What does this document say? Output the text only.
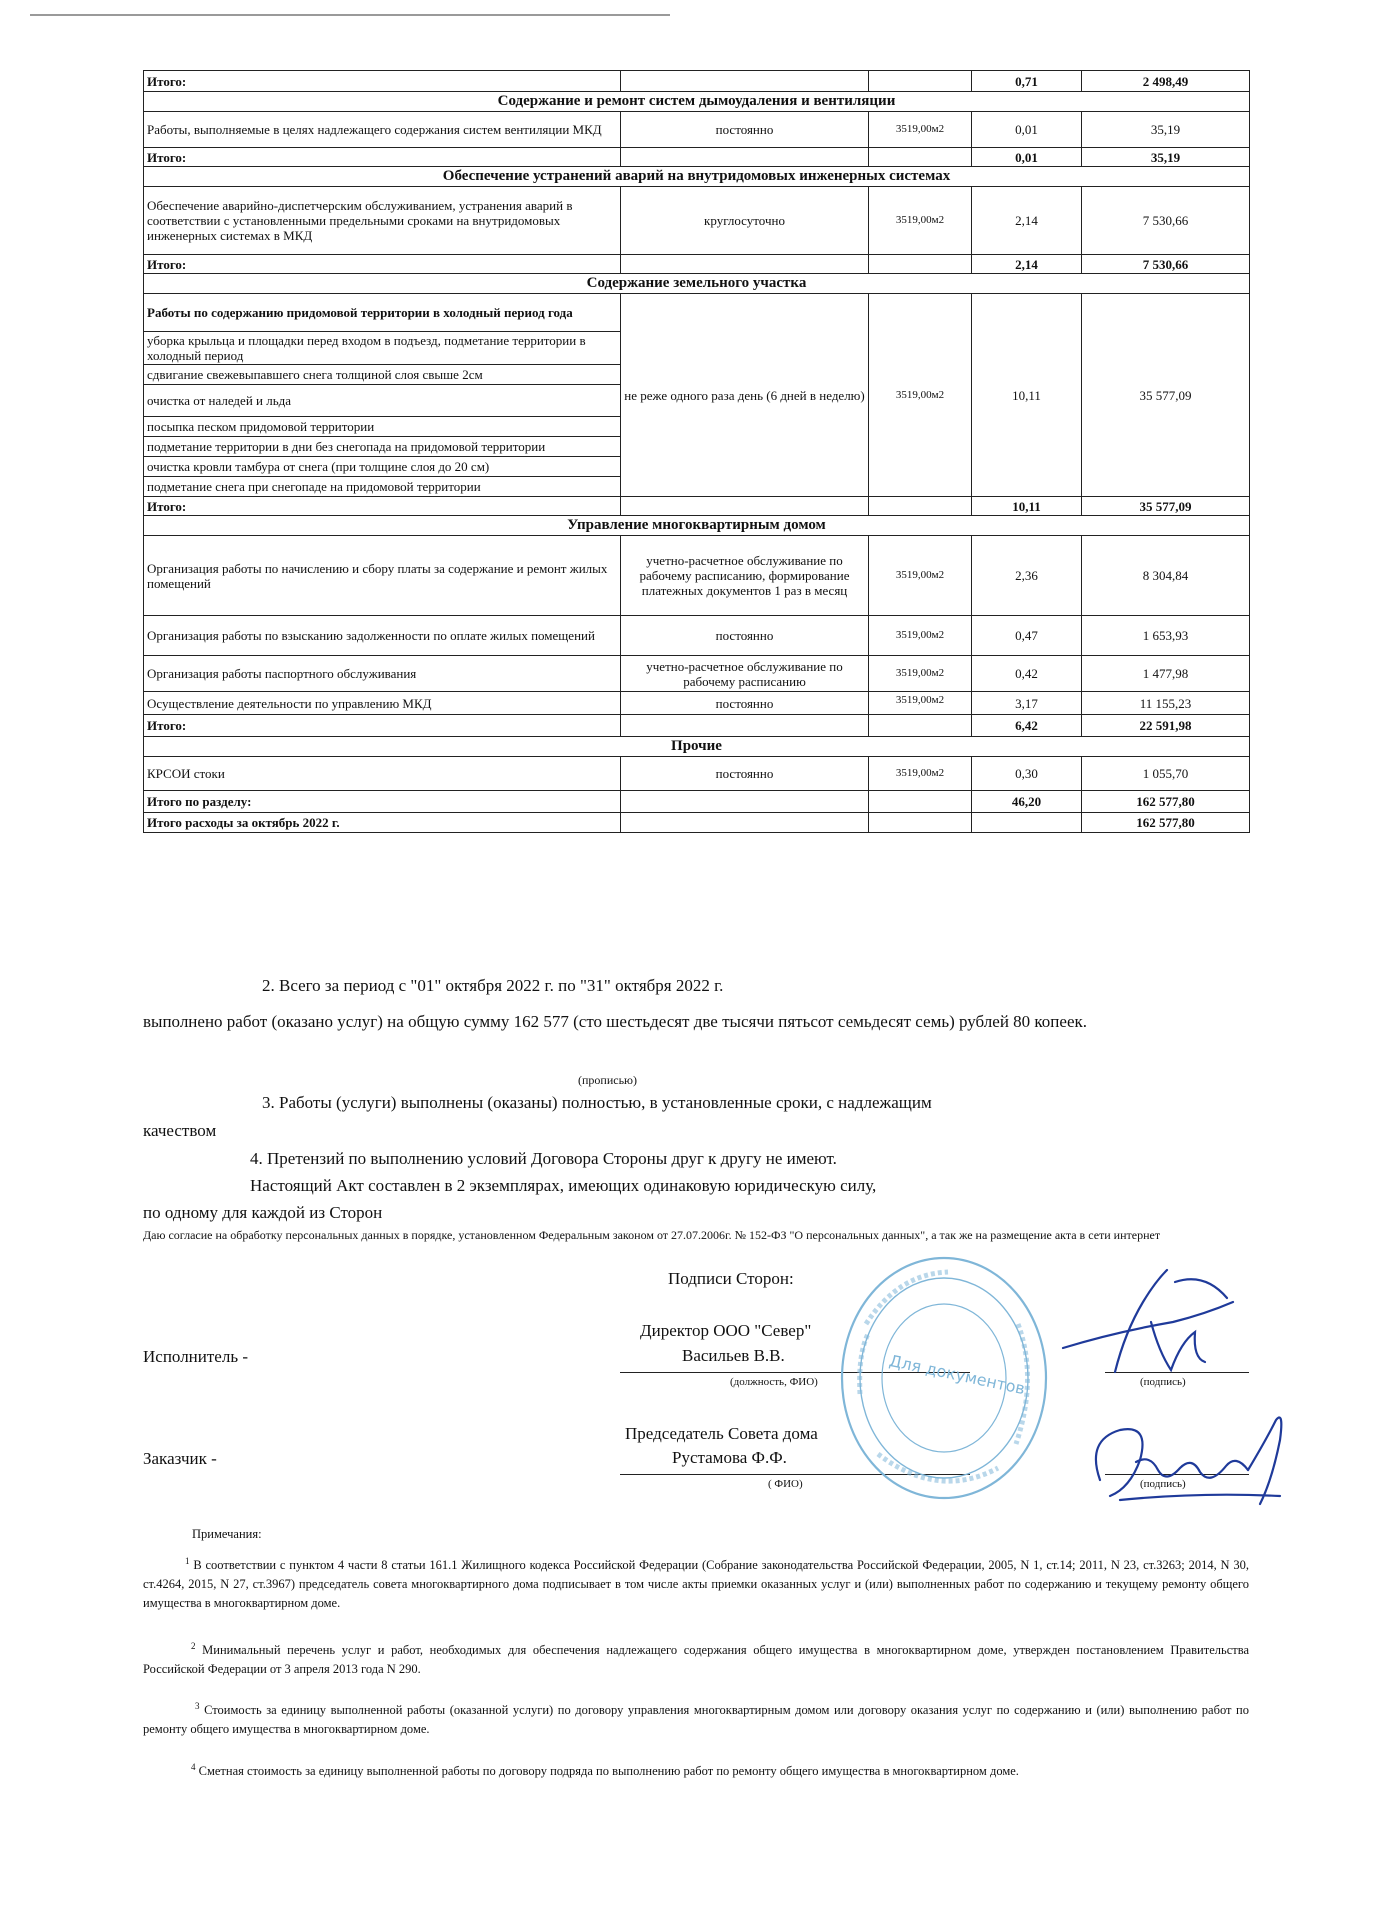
Итого:			0,71	2 498,49
Содержание и ремонт систем дымоудаления и вентиляции				
Работы, выполняемые в целях надлежащего содержания систем вентиляции МКД	постоянно	3519,00м2	0,01	35,19
Итого:			0,01	35,19
Обеспечение устранений аварий на внутридомовых инженерных системах				
Обеспечение аварийно-диспетчерским обслуживанием, устранения аварий в соответствии с установленными предельными сроками на внутридомовых инженерных системах в МКД	круглосуточно	3519,00м2	2,14	7 530,66
Итого:			2,14	7 530,66
Содержание земельного участка				
Работы по содержанию придомовой территории в холодный период года	не реже одного раза день (6 дней в неделю)	3519,00м2	10,11	35 577,09
уборка крыльца и площадки перед входом в подъезд, подметание территории в холодный период				
сдвигание свежевыпавшего снега толщиной слоя свыше 2см				
очистка от наледей и льда				
посыпка песком придомовой территории				
подметание территории в дни без снегопада на придомовой территории				
очистка кровли тамбура от снега (при толщине слоя до 20 см)				
подметание снега при снегопаде на придомовой территории				
Итого:			10,11	35 577,09
Управление многоквартирным домом				
Организация работы по начислению и сбору платы за содержание и ремонт жилых помещений	учетно-расчетное обслуживание по рабочему расписанию, формирование платежных документов 1 раз в месяц	3519,00м2	2,36	8 304,84
Организация работы по взысканию задолженности по оплате жилых помещений	постоянно	3519,00м2	0,47	1 653,93
Организация работы паспортного обслуживания	учетно-расчетное обслуживание по рабочему расписанию	3519,00м2	0,42	1 477,98
Осуществление деятельности по управлению МКД	постоянно	3519,00м2	3,17	11 155,23
Итого:			6,42	22 591,98
Прочие				
КРСОИ стоки	постоянно	3519,00м2	0,30	1 055,70
Итого по разделу:			46,20	162 577,80
Итого расходы за октябрь 2022 г.				162 577,80
2. Всего за период с "01" октября 2022 г. по "31" октября 2022 г.
выполнено работ (оказано услуг) на общую сумму 162 577 (сто шестьдесят две тысячи пятьсот семьдесят семь) рублей 80 копеек.
(прописью)
3. Работы (услуги) выполнены (оказаны) полностью, в установленные сроки, с надлежащим
качеством
4. Претензий по выполнению условий Договора Стороны друг к другу не имеют.
Настоящий Акт составлен в 2 экземплярах, имеющих одинаковую юридическую силу,
по одному для каждой из Сторон
Даю согласие на обработку персональных данных в порядке, установленном Федеральным законом от 27.07.2006г. № 152-ФЗ "О персональных данных", а так же на размещение акта в сети интернет
Подписи Сторон:
Исполнитель -
Директор ООО "Север"
Васильев В.В.
(должность, ФИО)	(подпись)
Заказчик -
Председатель Совета дома
Рустамова Ф.Ф.
( ФИО)	(подпись)
Для документов
Примечания:
$^1$ В соответствии с пунктом 4 части 8 статьи 161.1 Жилищного кодекса Российской Федерации (Собрание законодательства Российской Федерации, 2005, N 1, ст.14; 2011, N 23, ст.3263; 2014, N 30, ст.4264, 2015, N 27, ст.3967) председатель совета многоквартирного дома подписывает в том числе акты приемки оказанных услуг и (или) выполненных работ по содержанию и текущему ремонту общего имущества в многоквартирном доме.
$^2$ Минимальный перечень услуг и работ, необходимых для обеспечения надлежащего содержания общего имущества в многоквартирном доме, утвержден постановлением Правительства Российской Федерации от 3 апреля 2013 года N 290.
$^3$ Стоимость за единицу выполненной работы (оказанной услуги) по договору управления многоквартирным домом или договору оказания услуг по содержанию и (или) выполнению работ по ремонту общего имущества в многоквартирном доме.
$^4$ Сметная стоимость за единицу выполненной работы по договору подряда по выполнению работ по ремонту общего имущества в многоквартирном доме.
